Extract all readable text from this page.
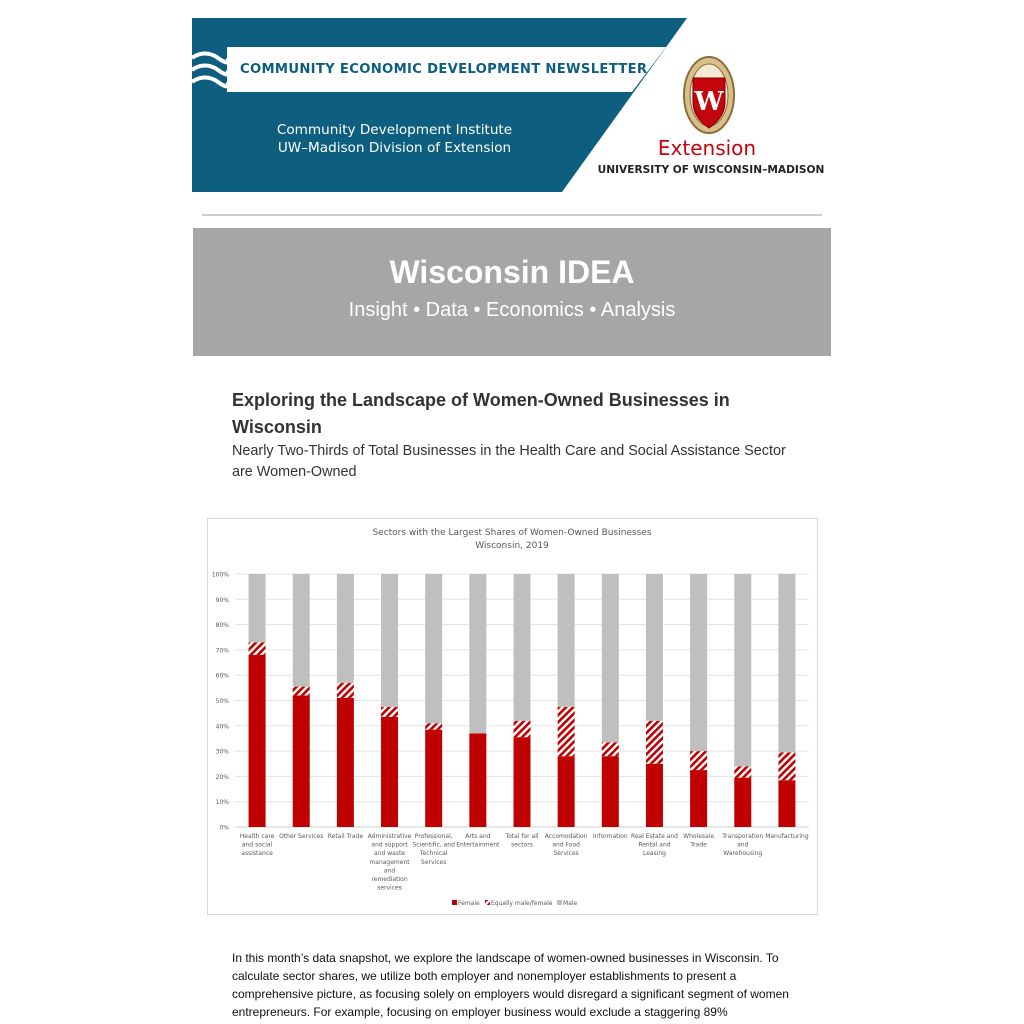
COMMUNITY ECONOMIC DEVELOPMENT NEWSLETTER
Community Development Institute
UW–Madison Division of Extension
W
Extension
UNIVERSITY OF WISCONSIN–MADISON
Wisconsin IDEA
Insight • Data • Economics • Analysis
Exploring the Landscape of Women-Owned Businesses in Wisconsin
Nearly Two-Thirds of Total Businesses in the Health Care and Social Assistance Sector are Women-Owned
Sectors with the Largest Shares of Women-Owned Businesses
Wisconsin, 2019
0%
10%
20%
30%
40%
50%
60%
70%
80%
90%
100%
Health care and social assistance
Other Services Retail Trade Administrative and support and waste management and remediation services
Professional, Scientific, and Technical Services
Arts and Entertainment
Total for all sectors
Accomodation and Food Services
Information Real Estate and Rental and Leasing
Wholesale Trade
Transporation and Warehousing
Manufacturing
Female Equally male/female Male
In this month’s data snapshot, we explore the landscape of women-owned businesses in Wisconsin. To calculate sector shares, we utilize both employer and nonemployer establishments to present a comprehensive picture, as focusing solely on employers would disregard a significant segment of women entrepreneurs. For example, focusing on employer business would exclude a staggering 89%
